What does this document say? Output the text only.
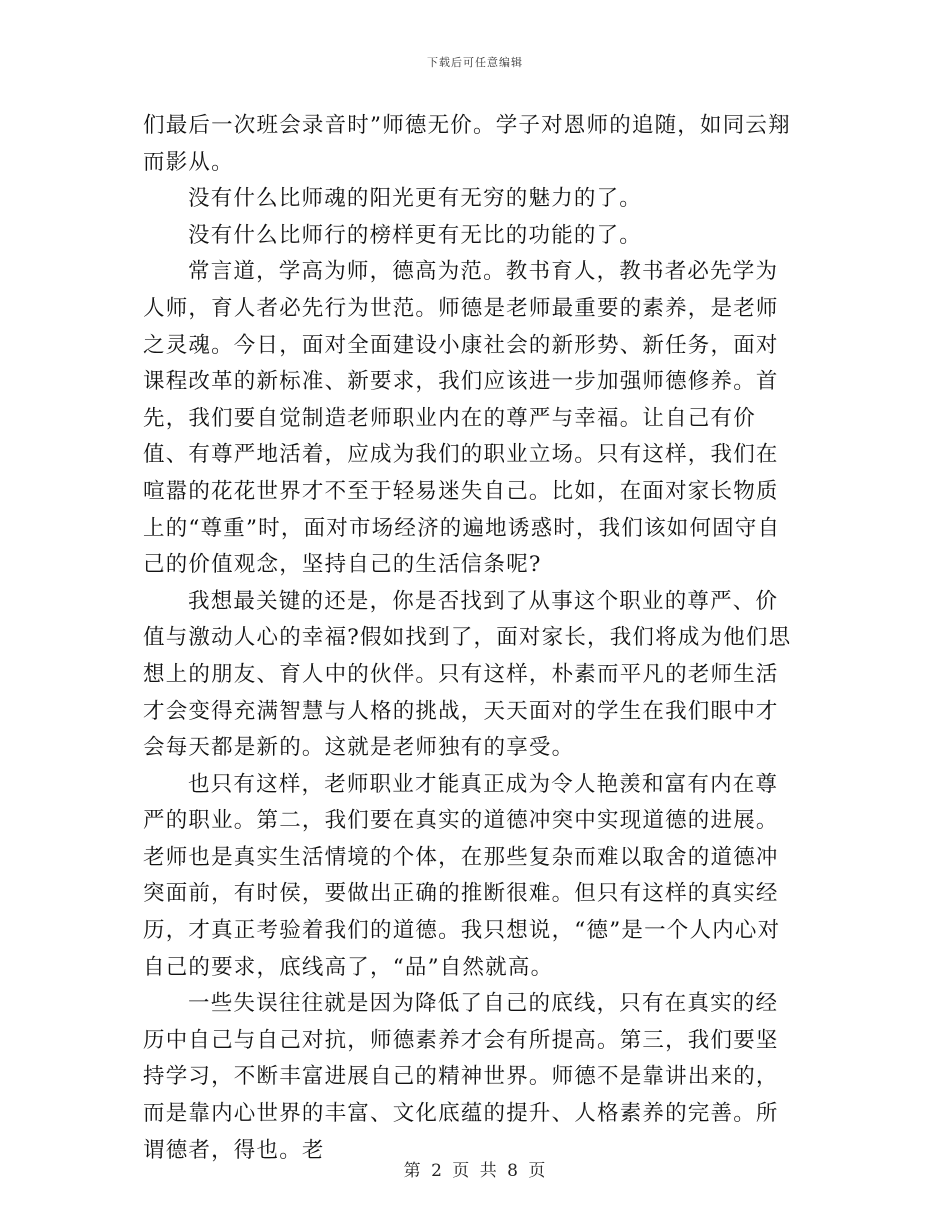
下载后可任意编辑

们最后一次班会录音时”师德无价。学子对恩师的追随，如同云翔而影从。

没有什么比师魂的阳光更有无穷的魅力的了。

没有什么比师行的榜样更有无比的功能的了。

常言道，学高为师，德高为范。教书育人，教书者必先学为人师，育人者必先行为世范。师德是老师最重要的素养，是老师之灵魂。今日，面对全面建设小康社会的新形势、新任务，面对课程改革的新标准、新要求，我们应该进一步加强师德修养。首先，我们要自觉制造老师职业内在的尊严与幸福。让自己有价值、有尊严地活着，应成为我们的职业立场。只有这样，我们在喧嚣的花花世界才不至于轻易迷失自己。比如，在面对家长物质上的“尊重”时，面对市场经济的遍地诱惑时，我们该如何固守自己的价值观念，坚持自己的生活信条呢?

我想最关键的还是，你是否找到了从事这个职业的尊严、价值与激动人心的幸福?假如找到了，面对家长，我们将成为他们思想上的朋友、育人中的伙伴。只有这样，朴素而平凡的老师生活才会变得充满智慧与人格的挑战，天天面对的学生在我们眼中才会每天都是新的。这就是老师独有的享受。

也只有这样，老师职业才能真正成为令人艳羡和富有内在尊严的职业。第二，我们要在真实的道德冲突中实现道德的进展。老师也是真实生活情境的个体，在那些复杂而难以取舍的道德冲突面前，有时侯，要做出正确的推断很难。但只有这样的真实经历，才真正考验着我们的道德。我只想说，“德”是一个人内心对自己的要求，底线高了，“品”自然就高。

一些失误往往就是因为降低了自己的底线，只有在真实的经历中自己与自己对抗，师德素养才会有所提高。第三，我们要坚持学习，不断丰富进展自己的精神世界。师德不是靠讲出来的，而是靠内心世界的丰富、文化底蕴的提升、人格素养的完善。所谓德者，得也。老

第 2 页 共 8 页
